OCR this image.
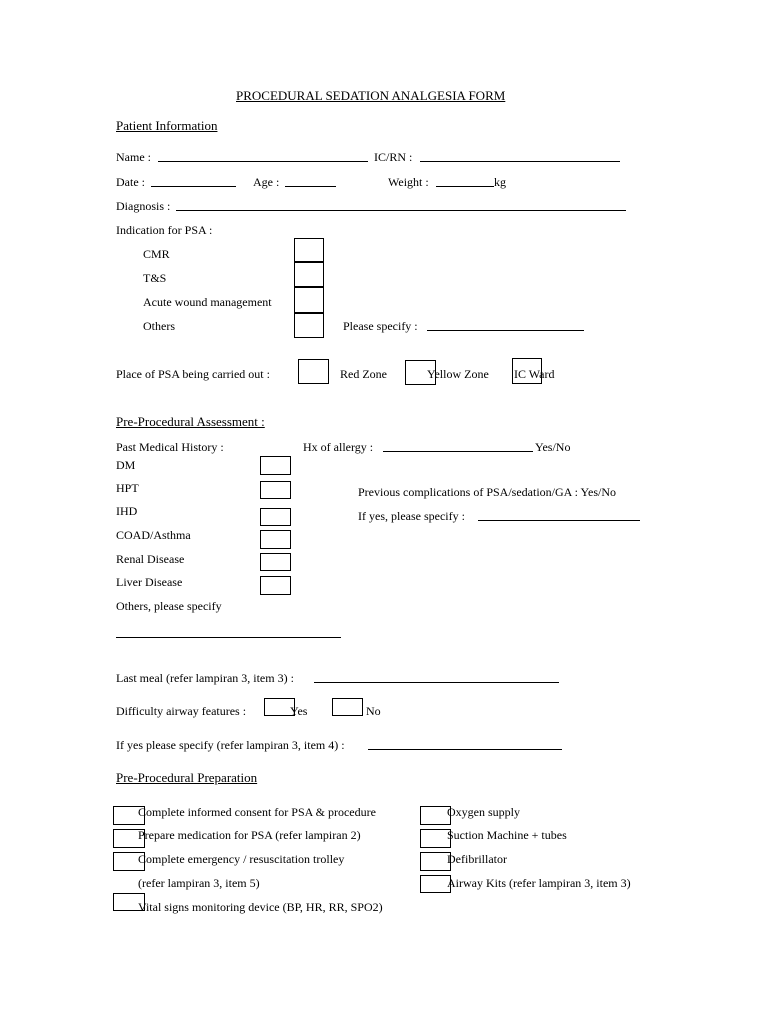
PROCEDURAL SEDATION ANALGESIA FORM
Patient Information
Name :	IC/RN :
Date :	Age :	Weight :	kg
Diagnosis :
Indication for PSA :
CMR
T&S
Acute wound management
Others	Please specify :
Place of PSA being carried out :	Red Zone	Yellow Zone IC Ward
Pre-Procedural Assessment :
Past Medical History :	Hx of allergy :	Yes/No
DM
HPT
IHD
COAD/Asthma
Renal Disease
Liver Disease
Others, please specify
Previous complications of PSA/sedation/GA : Yes/No
If yes, please specify :
Last meal (refer lampiran 3, item 3) :
Difficulty airway features :	Yes	No
If yes please specify (refer lampiran 3, item 4) :
Pre-Procedural Preparation
Complete informed consent for PSA & procedure
Prepare medication for PSA (refer lampiran 2)
Complete emergency / resuscitation trolley
(refer lampiran 3, item 5)
Vital signs monitoring device (BP, HR, RR, SPO2)
Oxygen supply
Suction Machine + tubes
Defibrillator
Airway Kits (refer lampiran 3, item 3)
